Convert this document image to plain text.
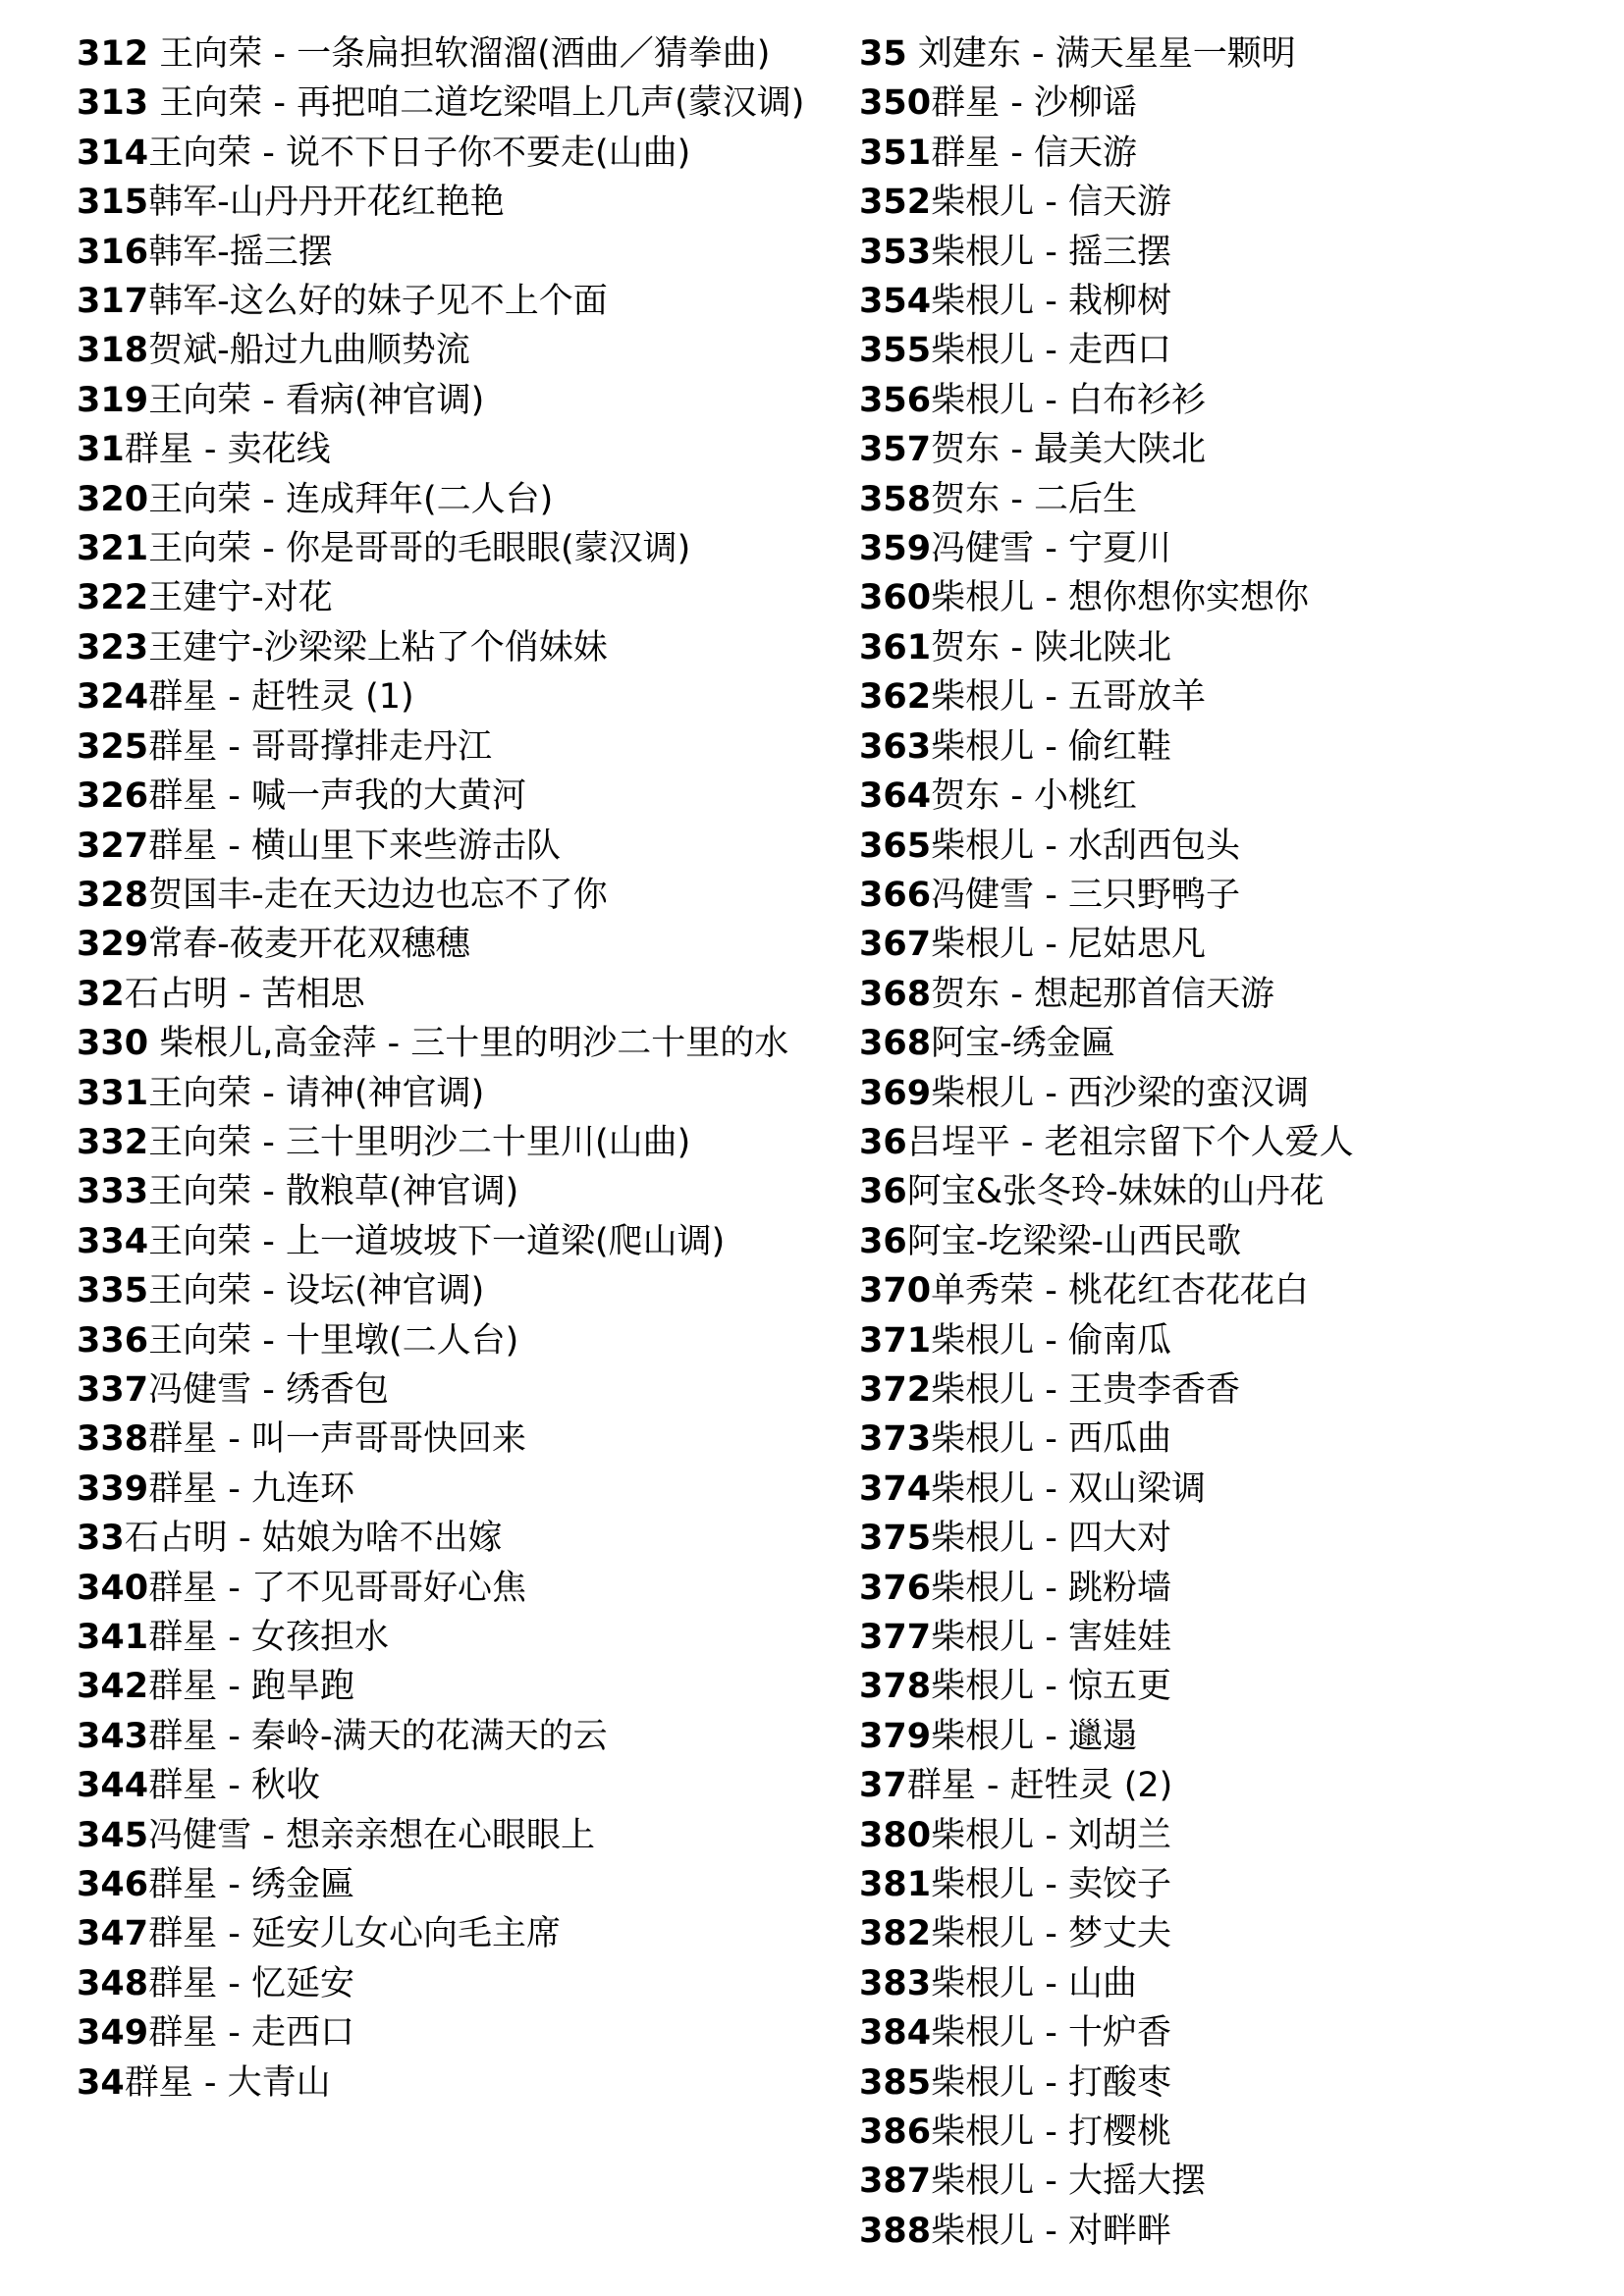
312 王向荣 - 一条扁担软溜溜(酒曲／猜拳曲)
313 王向荣 - 再把咱二道圪梁唱上几声(蒙汉调)
314王向荣 - 说不下日子你不要走(山曲)
315韩军-山丹丹开花红艳艳
316韩军-摇三摆
317韩军-这么好的妹子见不上个面
318贺斌-船过九曲顺势流
319王向荣 - 看病(神官调)
31群星 - 卖花线
320王向荣 - 连成拜年(二人台)
321王向荣 - 你是哥哥的毛眼眼(蒙汉调)
322王建宁-对花
323王建宁-沙梁梁上粘了个俏妹妹
324群星 - 赶牲灵 (1)
325群星 - 哥哥撑排走丹江
326群星 - 喊一声我的大黄河
327群星 - 横山里下来些游击队
328贺国丰-走在天边边也忘不了你
329常春-莜麦开花双穗穗
32石占明 - 苦相思
330 柴根儿,高金萍 - 三十里的明沙二十里的水
331王向荣 - 请神(神官调)
332王向荣 - 三十里明沙二十里川(山曲)
333王向荣 - 散粮草(神官调)
334王向荣 - 上一道坡坡下一道梁(爬山调)
335王向荣 - 设坛(神官调)
336王向荣 - 十里墩(二人台)
337冯健雪 - 绣香包
338群星 - 叫一声哥哥快回来
339群星 - 九连环
33石占明 - 姑娘为啥不出嫁
340群星 - 了不见哥哥好心焦
341群星 - 女孩担水
342群星 - 跑旱跑
343群星 - 秦岭-满天的花满天的云
344群星 - 秋收
345冯健雪 - 想亲亲想在心眼眼上
346群星 - 绣金匾
347群星 - 延安儿女心向毛主席
348群星 - 忆延安
349群星 - 走西口
34群星 - 大青山
35 刘建东 - 满天星星一颗明
350群星 - 沙柳谣
351群星 - 信天游
352柴根儿 - 信天游
353柴根儿 - 摇三摆
354柴根儿 - 栽柳树
355柴根儿 - 走西口
356柴根儿 - 白布衫衫
357贺东 - 最美大陕北
358贺东 - 二后生
359冯健雪 - 宁夏川
360柴根儿 - 想你想你实想你
361贺东 - 陕北陕北
362柴根儿 - 五哥放羊
363柴根儿 - 偷红鞋
364贺东 - 小桃红
365柴根儿 - 水刮西包头
366冯健雪 - 三只野鸭子
367柴根儿 - 尼姑思凡
368贺东 - 想起那首信天游
368阿宝-绣金匾
369柴根儿 - 西沙梁的蛮汉调
36吕埕平 - 老祖宗留下个人爱人
36阿宝&张冬玲-妹妹的山丹花
36阿宝-圪梁梁-山西民歌
370单秀荣 - 桃花红杏花花白
371柴根儿 - 偷南瓜
372柴根儿 - 王贵李香香
373柴根儿 - 西瓜曲
374柴根儿 - 双山梁调
375柴根儿 - 四大对
376柴根儿 - 跳粉墙
377柴根儿 - 害娃娃
378柴根儿 - 惊五更
379柴根儿 - 邋遢
37群星 - 赶牲灵 (2)
380柴根儿 - 刘胡兰
381柴根儿 - 卖饺子
382柴根儿 - 梦丈夫
383柴根儿 - 山曲
384柴根儿 - 十炉香
385柴根儿 - 打酸枣
386柴根儿 - 打樱桃
387柴根儿 - 大摇大摆
388柴根儿 - 对畔畔
